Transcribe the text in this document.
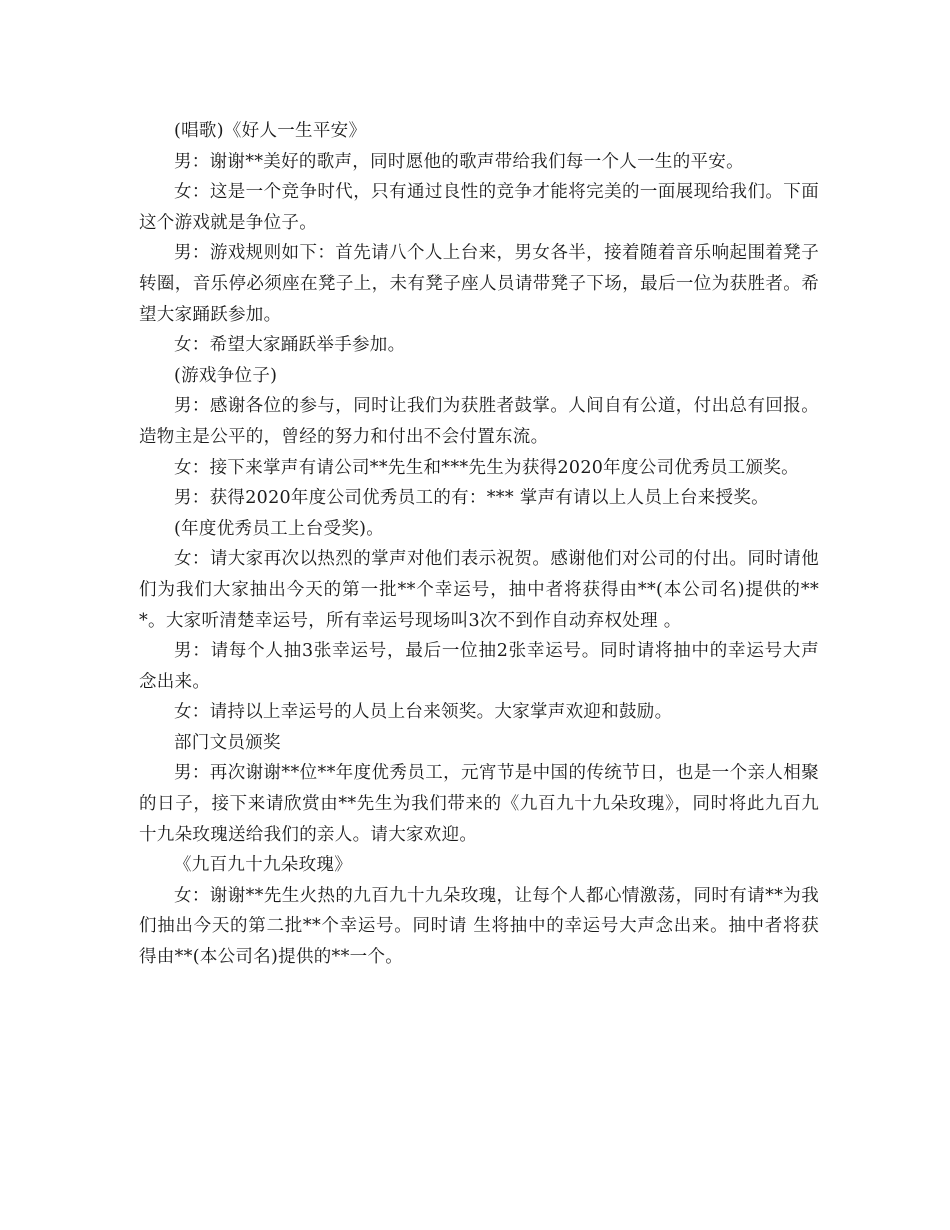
(唱歌)《好人一生平安》

男：谢谢**美好的歌声，同时愿他的歌声带给我们每一个人一生的平安。

女：这是一个竞争时代，只有通过良性的竞争才能将完美的一面展现给我们。下面这个游戏就是争位子。

男：游戏规则如下：首先请八个人上台来，男女各半，接着随着音乐响起围着凳子转圈，音乐停必须座在凳子上，未有凳子座人员请带凳子下场，最后一位为获胜者。希望大家踊跃参加。

女：希望大家踊跃举手参加。

(游戏争位子)

男：感谢各位的参与，同时让我们为获胜者鼓掌。人间自有公道，付出总有回报。造物主是公平的，曾经的努力和付出不会付置东流。

女：接下来掌声有请公司**先生和***先生为获得2020年度公司优秀员工颁奖。

男：获得2020年度公司优秀员工的有：*** 掌声有请以上人员上台来授奖。

(年度优秀员工上台受奖)。

女：请大家再次以热烈的掌声对他们表示祝贺。感谢他们对公司的付出。同时请他们为我们大家抽出今天的第一批**个幸运号，抽中者将获得由**(本公司名)提供的***。大家听清楚幸运号，所有幸运号现场叫3次不到作自动弃权处理 。

男：请每个人抽3张幸运号，最后一位抽2张幸运号。同时请将抽中的幸运号大声念出来。

女：请持以上幸运号的人员上台来领奖。大家掌声欢迎和鼓励。

部门文员颁奖

男：再次谢谢**位**年度优秀员工，元宵节是中国的传统节日，也是一个亲人相聚的日子，接下来请欣赏由**先生为我们带来的《九百九十九朵玫瑰》，同时将此九百九十九朵玫瑰送给我们的亲人。请大家欢迎。

《九百九十九朵玫瑰》

女：谢谢**先生火热的九百九十九朵玫瑰，让每个人都心情激荡，同时有请**为我们抽出今天的第二批**个幸运号。同时请 生将抽中的幸运号大声念出来。抽中者将获得由**(本公司名)提供的**一个。
